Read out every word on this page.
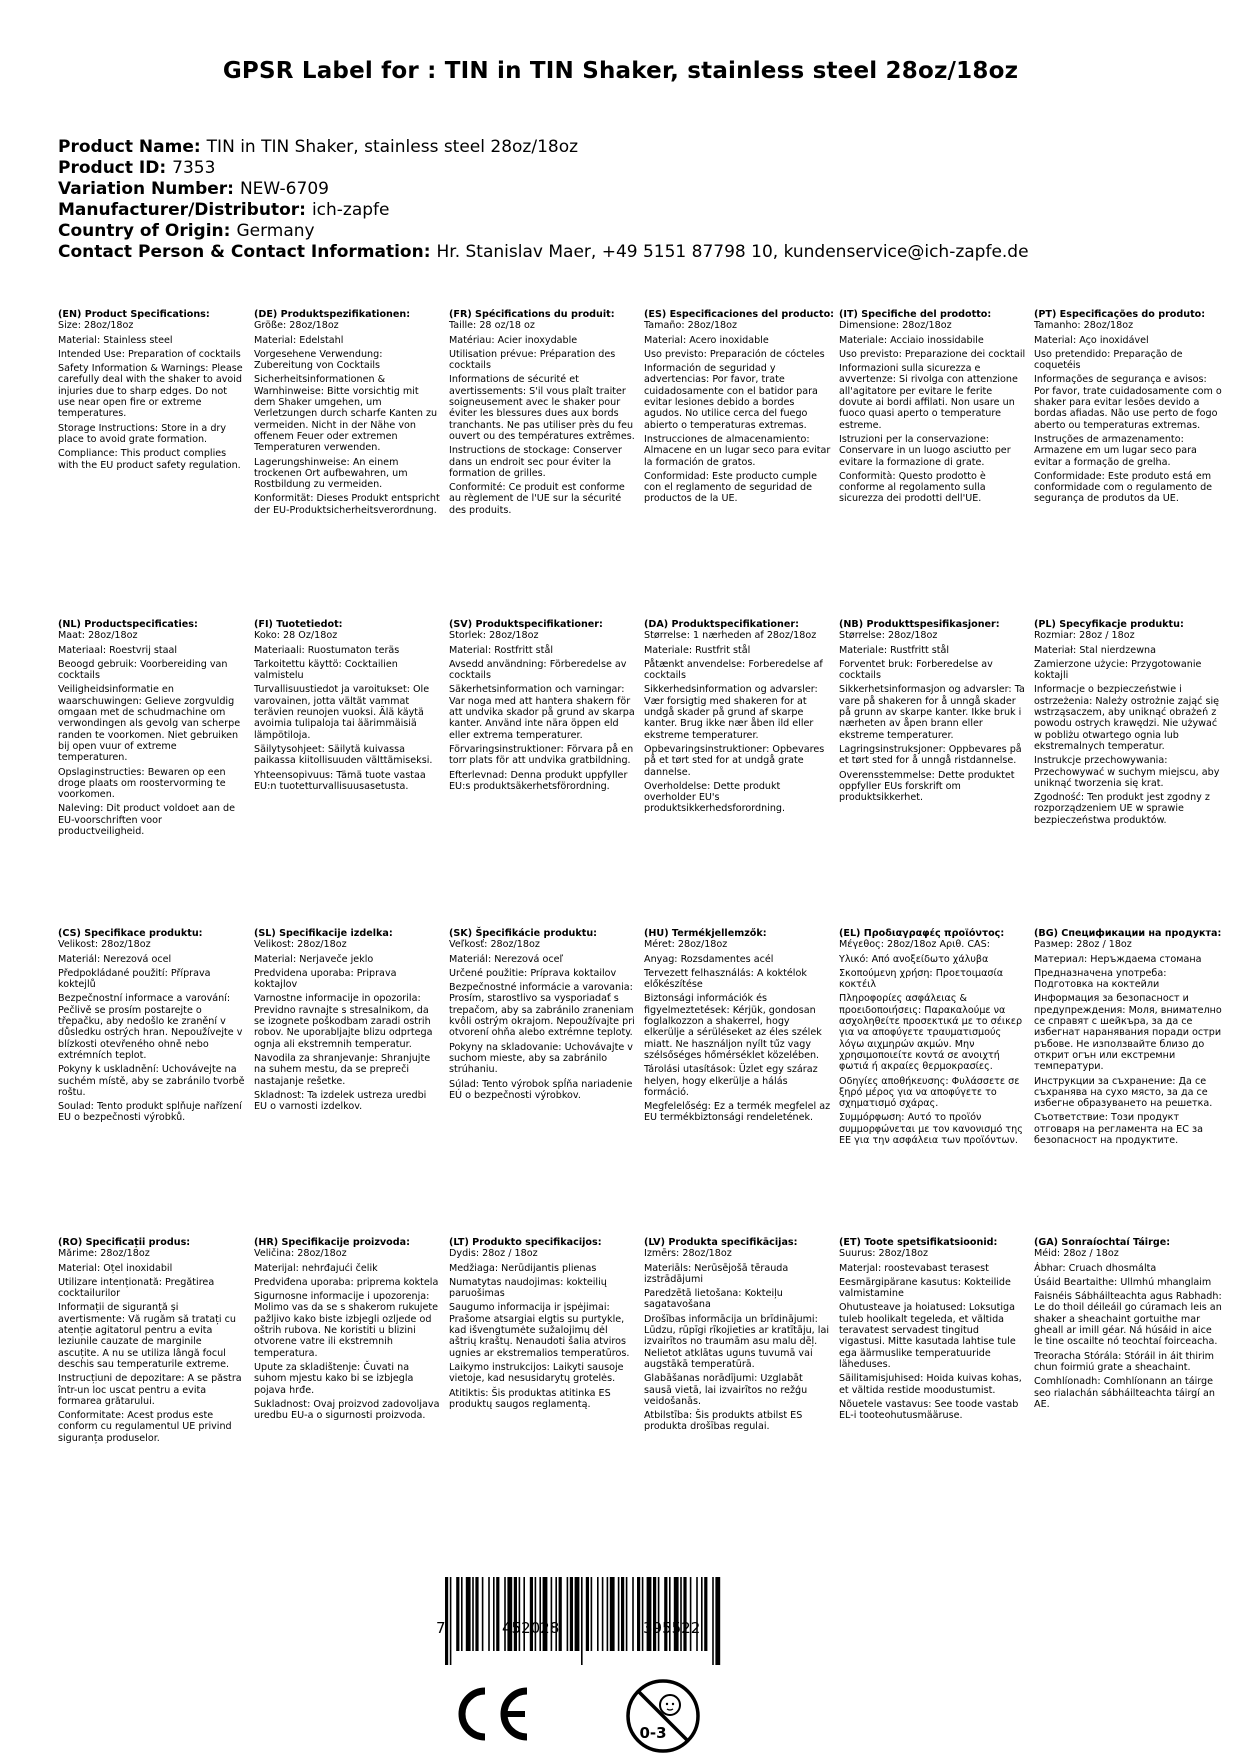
GPSR Label for : TIN in TIN Shaker, stainless steel 28oz/18oz
Product Name: TIN in TIN Shaker, stainless steel 28oz/18oz
Product ID: 7353
Variation Number: NEW-6709
Manufacturer/Distributor: ich-zapfe
Country of Origin: Germany
Contact Person & Contact Information: Hr. Stanislav Maer, +49 5151 87798 10, kundenservice@ich-zapfe.de
(EN) Product Specifications:

Size: 28oz/18oz

Material: Stainless steel

Intended Use: Preparation of cocktails

Safety Information & Warnings: Please carefully deal with the shaker to avoid injuries due to sharp edges. Do not use near open fire or extreme temperatures.

Storage Instructions: Store in a dry place to avoid grate formation.

Compliance: This product complies with the EU product safety regulation.

(DE) Produktspezifikationen:

Größe: 28oz/18oz

Material: Edelstahl

Vorgesehene Verwendung: Zubereitung von Cocktails

Sicherheitsinformationen & Warnhinweise: Bitte vorsichtig mit dem Shaker umgehen, um Verletzungen durch scharfe Kanten zu vermeiden. Nicht in der Nähe von offenem Feuer oder extremen Temperaturen verwenden.

Lagerungshinweise: An einem trockenen Ort aufbewahren, um Rostbildung zu vermeiden.

Konformität: Dieses Produkt entspricht der EU-Produktsicherheitsverordnung.

(FR) Spécifications du produit:

Taille: 28 oz/18 oz

Matériau: Acier inoxydable

Utilisation prévue: Préparation des cocktails

Informations de sécurité et avertissements: S'il vous plaît traiter soigneusement avec le shaker pour éviter les blessures dues aux bords tranchants. Ne pas utiliser près du feu ouvert ou des températures extrêmes.

Instructions de stockage: Conserver dans un endroit sec pour éviter la formation de grilles.

Conformité: Ce produit est conforme au règlement de l'UE sur la sécurité des produits.

(ES) Especificaciones del producto:

Tamaño: 28oz/18oz

Material: Acero inoxidable

Uso previsto: Preparación de cócteles

Información de seguridad y advertencias: Por favor, trate cuidadosamente con el batidor para evitar lesiones debido a bordes agudos. No utilice cerca del fuego abierto o temperaturas extremas.

Instrucciones de almacenamiento: Almacene en un lugar seco para evitar la formación de gratos.

Conformidad: Este producto cumple con el reglamento de seguridad de productos de la UE.

(IT) Specifiche del prodotto:

Dimensione: 28oz/18oz

Materiale: Acciaio inossidabile

Uso previsto: Preparazione dei cocktail

Informazioni sulla sicurezza e avvertenze: Si rivolga con attenzione all'agitatore per evitare le ferite dovute ai bordi affilati. Non usare un fuoco quasi aperto o temperature estreme.

Istruzioni per la conservazione: Conservare in un luogo asciutto per evitare la formazione di grate.

Conformità: Questo prodotto è conforme al regolamento sulla sicurezza dei prodotti dell'UE.

(PT) Especificações do produto:

Tamanho: 28oz/18oz

Material: Aço inoxidável

Uso pretendido: Preparação de coquetéis

Informações de segurança e avisos: Por favor, trate cuidadosamente com o shaker para evitar lesões devido a bordas afiadas. Não use perto de fogo aberto ou temperaturas extremas.

Instruções de armazenamento: Armazene em um lugar seco para evitar a formação de grelha.

Conformidade: Este produto está em conformidade com o regulamento de segurança de produtos da UE.

(NL) Productspecificaties:

Maat: 28oz/18oz

Materiaal: Roestvrij staal

Beoogd gebruik: Voorbereiding van cocktails

Veiligheidsinformatie en waarschuwingen: Gelieve zorgvuldig omgaan met de schudmachine om verwondingen als gevolg van scherpe randen te voorkomen. Niet gebruiken bij open vuur of extreme temperaturen.

Opslaginstructies: Bewaren op een droge plaats om roostervorming te voorkomen.

Naleving: Dit product voldoet aan de EU-voorschriften voor productveiligheid.

(FI) Tuotetiedot:

Koko: 28 Oz/18oz

Materiaali: Ruostumaton teräs

Tarkoitettu käyttö: Cocktailien valmistelu

Turvallisuustiedot ja varoitukset: Ole varovainen, jotta vältät vammat terävien reunojen vuoksi. Älä käytä avoimia tulipaloja tai äärimmäisiä lämpötiloja.

Säilytysohjeet: Säilytä kuivassa paikassa kiitollisuuden välttämiseksi.

Yhteensopivuus: Tämä tuote vastaa EU:n tuotetturvallisuusasetusta.

(SV) Produktspecifikationer:

Storlek: 28oz/18oz

Material: Rostfritt stål

Avsedd användning: Förberedelse av cocktails

Säkerhetsinformation och varningar: Var noga med att hantera shakern för att undvika skador på grund av skarpa kanter. Använd inte nära öppen eld eller extrema temperaturer.

Förvaringsinstruktioner: Förvara på en torr plats för att undvika gratbildning.

Efterlevnad: Denna produkt uppfyller EU:s produktsäkerhetsförordning.

(DA) Produktspecifikationer:

Størrelse: 1 nærheden af 28oz/18oz

Materiale: Rustfrit stål

Påtænkt anvendelse: Forberedelse af cocktails

Sikkerhedsinformation og advarsler: Vær forsigtig med shakeren for at undgå skader på grund af skarpe kanter. Brug ikke nær åben ild eller ekstreme temperaturer.

Opbevaringsinstruktioner: Opbevares på et tørt sted for at undgå grate dannelse.

Overholdelse: Dette produkt overholder EU's produktsikkerhedsforordning.

(NB) Produkttspesifikasjoner:

Størrelse: 28oz/18oz

Materiale: Rustfritt stål

Forventet bruk: Forberedelse av cocktails

Sikkerhetsinformasjon og advarsler: Ta vare på shakeren for å unngå skader på grunn av skarpe kanter. Ikke bruk i nærheten av åpen brann eller ekstreme temperaturer.

Lagringsinstruksjoner: Oppbevares på et tørt sted for å unngå ristdannelse.

Overensstemmelse: Dette produktet oppfyller EUs forskrift om produktsikkerhet.

(PL) Specyfikacje produktu:

Rozmiar: 28oz / 18oz

Materiał: Stal nierdzewna

Zamierzone użycie: Przygotowanie koktajli

Informacje o bezpieczeństwie i ostrzeżenia: Należy ostrożnie zająć się wstrząsaczem, aby uniknąć obrażeń z powodu ostrych krawędzi. Nie używać w pobliżu otwartego ognia lub ekstremalnych temperatur.

Instrukcje przechowywania: Przechowywać w suchym miejscu, aby uniknąć tworzenia się krat.

Zgodność: Ten produkt jest zgodny z rozporządzeniem UE w sprawie bezpieczeństwa produktów.

(CS) Specifikace produktu:

Velikost: 28oz/18oz

Materiál: Nerezová ocel

Předpokládané použití: Příprava koktejlů

Bezpečnostní informace a varování: Pečlivě se prosím postarejte o třepačku, aby nedošlo ke zranění v důsledku ostrých hran. Nepoužívejte v blízkosti otevřeného ohně nebo extrémních teplot.

Pokyny k uskladnění: Uchovávejte na suchém místě, aby se zabránilo tvorbě roštu.

Soulad: Tento produkt splňuje nařízení EU o bezpečnosti výrobků.

(SL) Specifikacije izdelka:

Velikost: 28oz/18oz

Material: Nerjaveče jeklo

Predvidena uporaba: Priprava koktajlov

Varnostne informacije in opozorila: Previdno ravnajte s stresalnikom, da se izognete poškodbam zaradi ostrih robov. Ne uporabljajte blizu odprtega ognja ali ekstremnih temperatur.

Navodila za shranjevanje: Shranjujte na suhem mestu, da se prepreči nastajanje rešetke.

Skladnost: Ta izdelek ustreza uredbi EU o varnosti izdelkov.

(SK) Špecifikácie produktu:

Veľkosť: 28oz/18oz

Materiál: Nerezová oceľ

Určené použitie: Príprava koktailov

Bezpečnostné informácie a varovania: Prosím, starostlivo sa vysporiadať s trepačom, aby sa zabránilo zraneniam kvôli ostrým okrajom. Nepoužívajte pri otvorení ohňa alebo extrémne teploty.

Pokyny na skladovanie: Uchovávajte v suchom mieste, aby sa zabránilo strúhaniu.

Súlad: Tento výrobok spĺňa nariadenie EÚ o bezpečnosti výrobkov.

(HU) Termékjellemzők:

Méret: 28oz/18oz

Anyag: Rozsdamentes acél

Tervezett felhasználás: A koktélok előkészítése

Biztonsági információk és figyelmeztetések: Kérjük, gondosan foglalkozzon a shakerrel, hogy elkerülje a sérüléseket az éles szélek miatt. Ne használjon nyílt tűz vagy szélsőséges hőmérséklet közelében.

Tárolási utasítások: Üzlet egy száraz helyen, hogy elkerülje a hálás formáció.

Megfelelőség: Ez a termék megfelel az EU termékbiztonsági rendeletének.

(EL) Προδιαγραφές προϊόντος:

Μέγεθος: 28oz/18oz Αριθ. CAS:

Υλικό: Από ανοξείδωτο χάλυβα

Σκοπούμενη χρήση: Προετοιμασία κοκτέιλ

Πληροφορίες ασφάλειας & προειδοποιήσεις: Παρακαλούμε να ασχοληθείτε προσεκτικά με το σέικερ για να αποφύγετε τραυματισμούς λόγω αιχμηρών ακμών. Μην χρησιμοποιείτε κοντά σε ανοιχτή φωτιά ή ακραίες θερμοκρασίες.

Οδηγίες αποθήκευσης: Φυλάσσετε σε ξηρό μέρος για να αποφύγετε το σχηματισμό σχάρας.

Συμμόρφωση: Αυτό το προϊόν συμμορφώνεται με τον κανονισμό της ΕΕ για την ασφάλεια των προϊόντων.

(BG) Спецификации на продукта:

Размер: 28oz / 18oz

Материал: Неръждаема стомана

Предназначена употреба: Подготовка на коктейли

Информация за безопасност и предупреждения: Моля, внимателно се справят с шейкъра, за да се избегнат наранявания поради остри ръбове. Не използвайте близо до открит огън или екстремни температури.

Инструкции за съхранение: Да се съхранява на сухо място, за да се избегне образуването на решетка.

Съответствие: Този продукт отговаря на регламента на ЕС за безопасност на продуктите.

(RO) Specificații produs:

Mărime: 28oz/18oz

Material: Oțel inoxidabil

Utilizare intenționată: Pregătirea cocktailurilor

Informații de siguranță și avertismente: Vă rugăm să tratați cu atenție agitatorul pentru a evita leziunile cauzate de marginile ascuțite. A nu se utiliza lângă focul deschis sau temperaturile extreme.

Instrucțiuni de depozitare: A se păstra într-un loc uscat pentru a evita formarea grătarului.

Conformitate: Acest produs este conform cu regulamentul UE privind siguranța produselor.

(HR) Specifikacije proizvoda:

Veličina: 28oz/18oz

Materijal: nehrđajući čelik

Predviđena uporaba: priprema koktela

Sigurnosne informacije i upozorenja: Molimo vas da se s shakerom rukujete pažljivo kako biste izbjegli ozljede od oštrih rubova. Ne koristiti u blizini otvorene vatre ili ekstremnih temperatura.

Upute za skladištenje: Čuvati na suhom mjestu kako bi se izbjegla pojava hrđe.

Sukladnost: Ovaj proizvod zadovoljava uredbu EU-a o sigurnosti proizvoda.

(LT) Produkto specifikacijos:

Dydis: 28oz / 18oz

Medžiaga: Nerūdijantis plienas

Numatytas naudojimas: kokteilių paruošimas

Saugumo informacija ir įspėjimai: Prašome atsargiai elgtis su purtykle, kad išvengtumėte sužalojimų dėl aštrių kraštų. Nenaudoti šalia atviros ugnies ar ekstremalios temperatūros.

Laikymo instrukcijos: Laikyti sausoje vietoje, kad nesusidarytų grotelės.

Atitiktis: Šis produktas atitinka ES produktų saugos reglamentą.

(LV) Produkta specifikācijas:

Izmērs: 28oz/18oz

Materiāls: Nerūsējošā tērauda izstrādājumi

Paredzētā lietošana: Kokteiļu sagatavošana

Drošības informācija un brīdinājumi: Lūdzu, rūpīgi rīkojieties ar kratītāju, lai izvairītos no traumām asu malu dēļ. Nelietot atklātas uguns tuvumā vai augstākā temperatūrā.

Glabāšanas norādījumi: Uzglabāt sausā vietā, lai izvairītos no režģu veidošanās.

Atbilstība: Šis produkts atbilst ES produkta drošības regulai.

(ET) Toote spetsifikatsioonid:

Suurus: 28oz/18oz

Materjal: roostevabast terasest

Eesmärgipärane kasutus: Kokteilide valmistamine

Ohutusteave ja hoiatused: Loksutiga tuleb hoolikalt tegeleda, et vältida teravatest servadest tingitud vigastusi. Mitte kasutada lahtise tule ega äärmuslike temperatuuride läheduses.

Säilitamisjuhised: Hoida kuivas kohas, et vältida restide moodustumist.

Nõuetele vastavus: See toode vastab EL-i tooteohutusmääruse.

(GA) Sonraíochtaí Táirge:

Méid: 28oz / 18oz

Ábhar: Cruach dhosmálta

Úsáid Beartaithe: Ullmhú mhanglaim

Faisnéis Sábháilteachta agus Rabhadh: Le do thoil déileáil go cúramach leis an shaker a sheachaint gortuithe mar gheall ar imill géar. Ná húsáid in aice le tine oscailte nó teochtaí foirceacha.

Treoracha Stórála: Stóráil in áit thirim chun foirmiú grate a sheachaint.

Comhlíonadh: Comhlíonann an táirge seo rialachán sábháilteachta táirgí an AE.

7	452028	395522
0-3
